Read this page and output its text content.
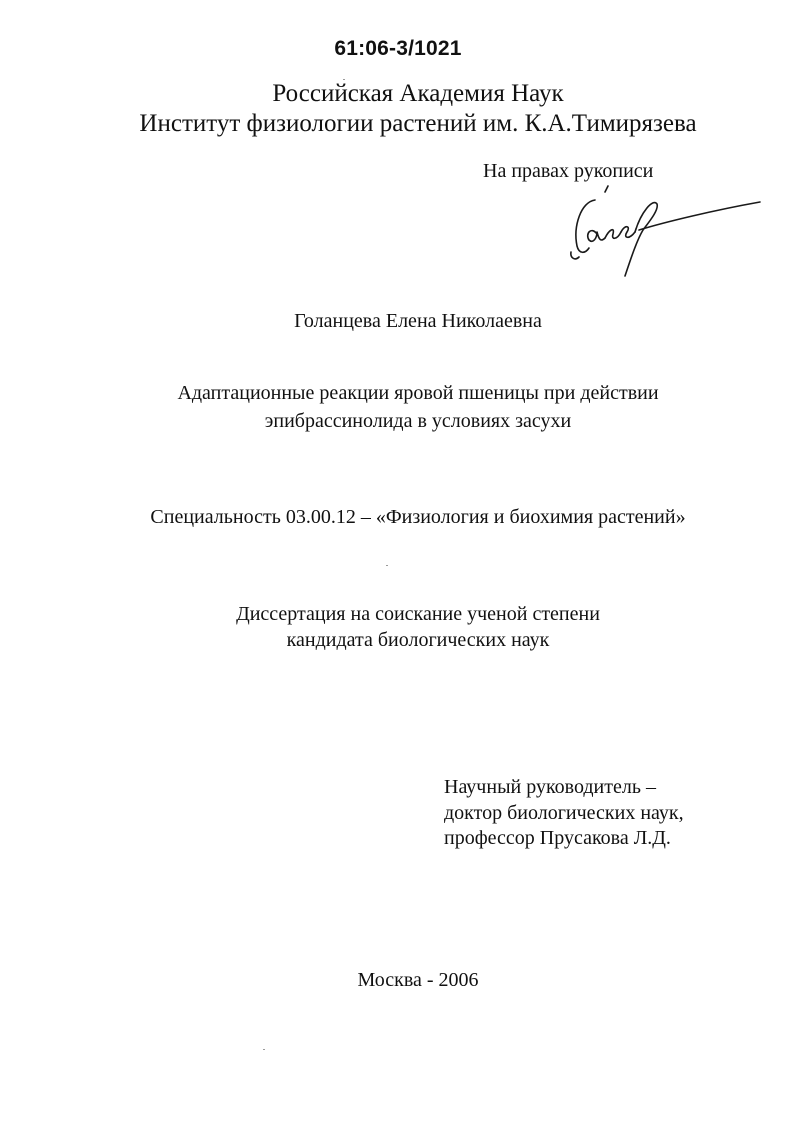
61:06-3/1021
Российская Академия Наук
Институт физиологии растений им. К.А.Тимирязева
На правах рукописи
Голанцева Елена Николаевна
Адаптационные реакции яровой пшеницы при действии
эпибрассинолида в условиях засухи
Специальность 03.00.12 – «Физиология и биохимия растений»
Диссертация на соискание ученой степени
кандидата биологических наук
Научный руководитель –
доктор биологических наук,
профессор Прусакова Л.Д.
Москва - 2006
